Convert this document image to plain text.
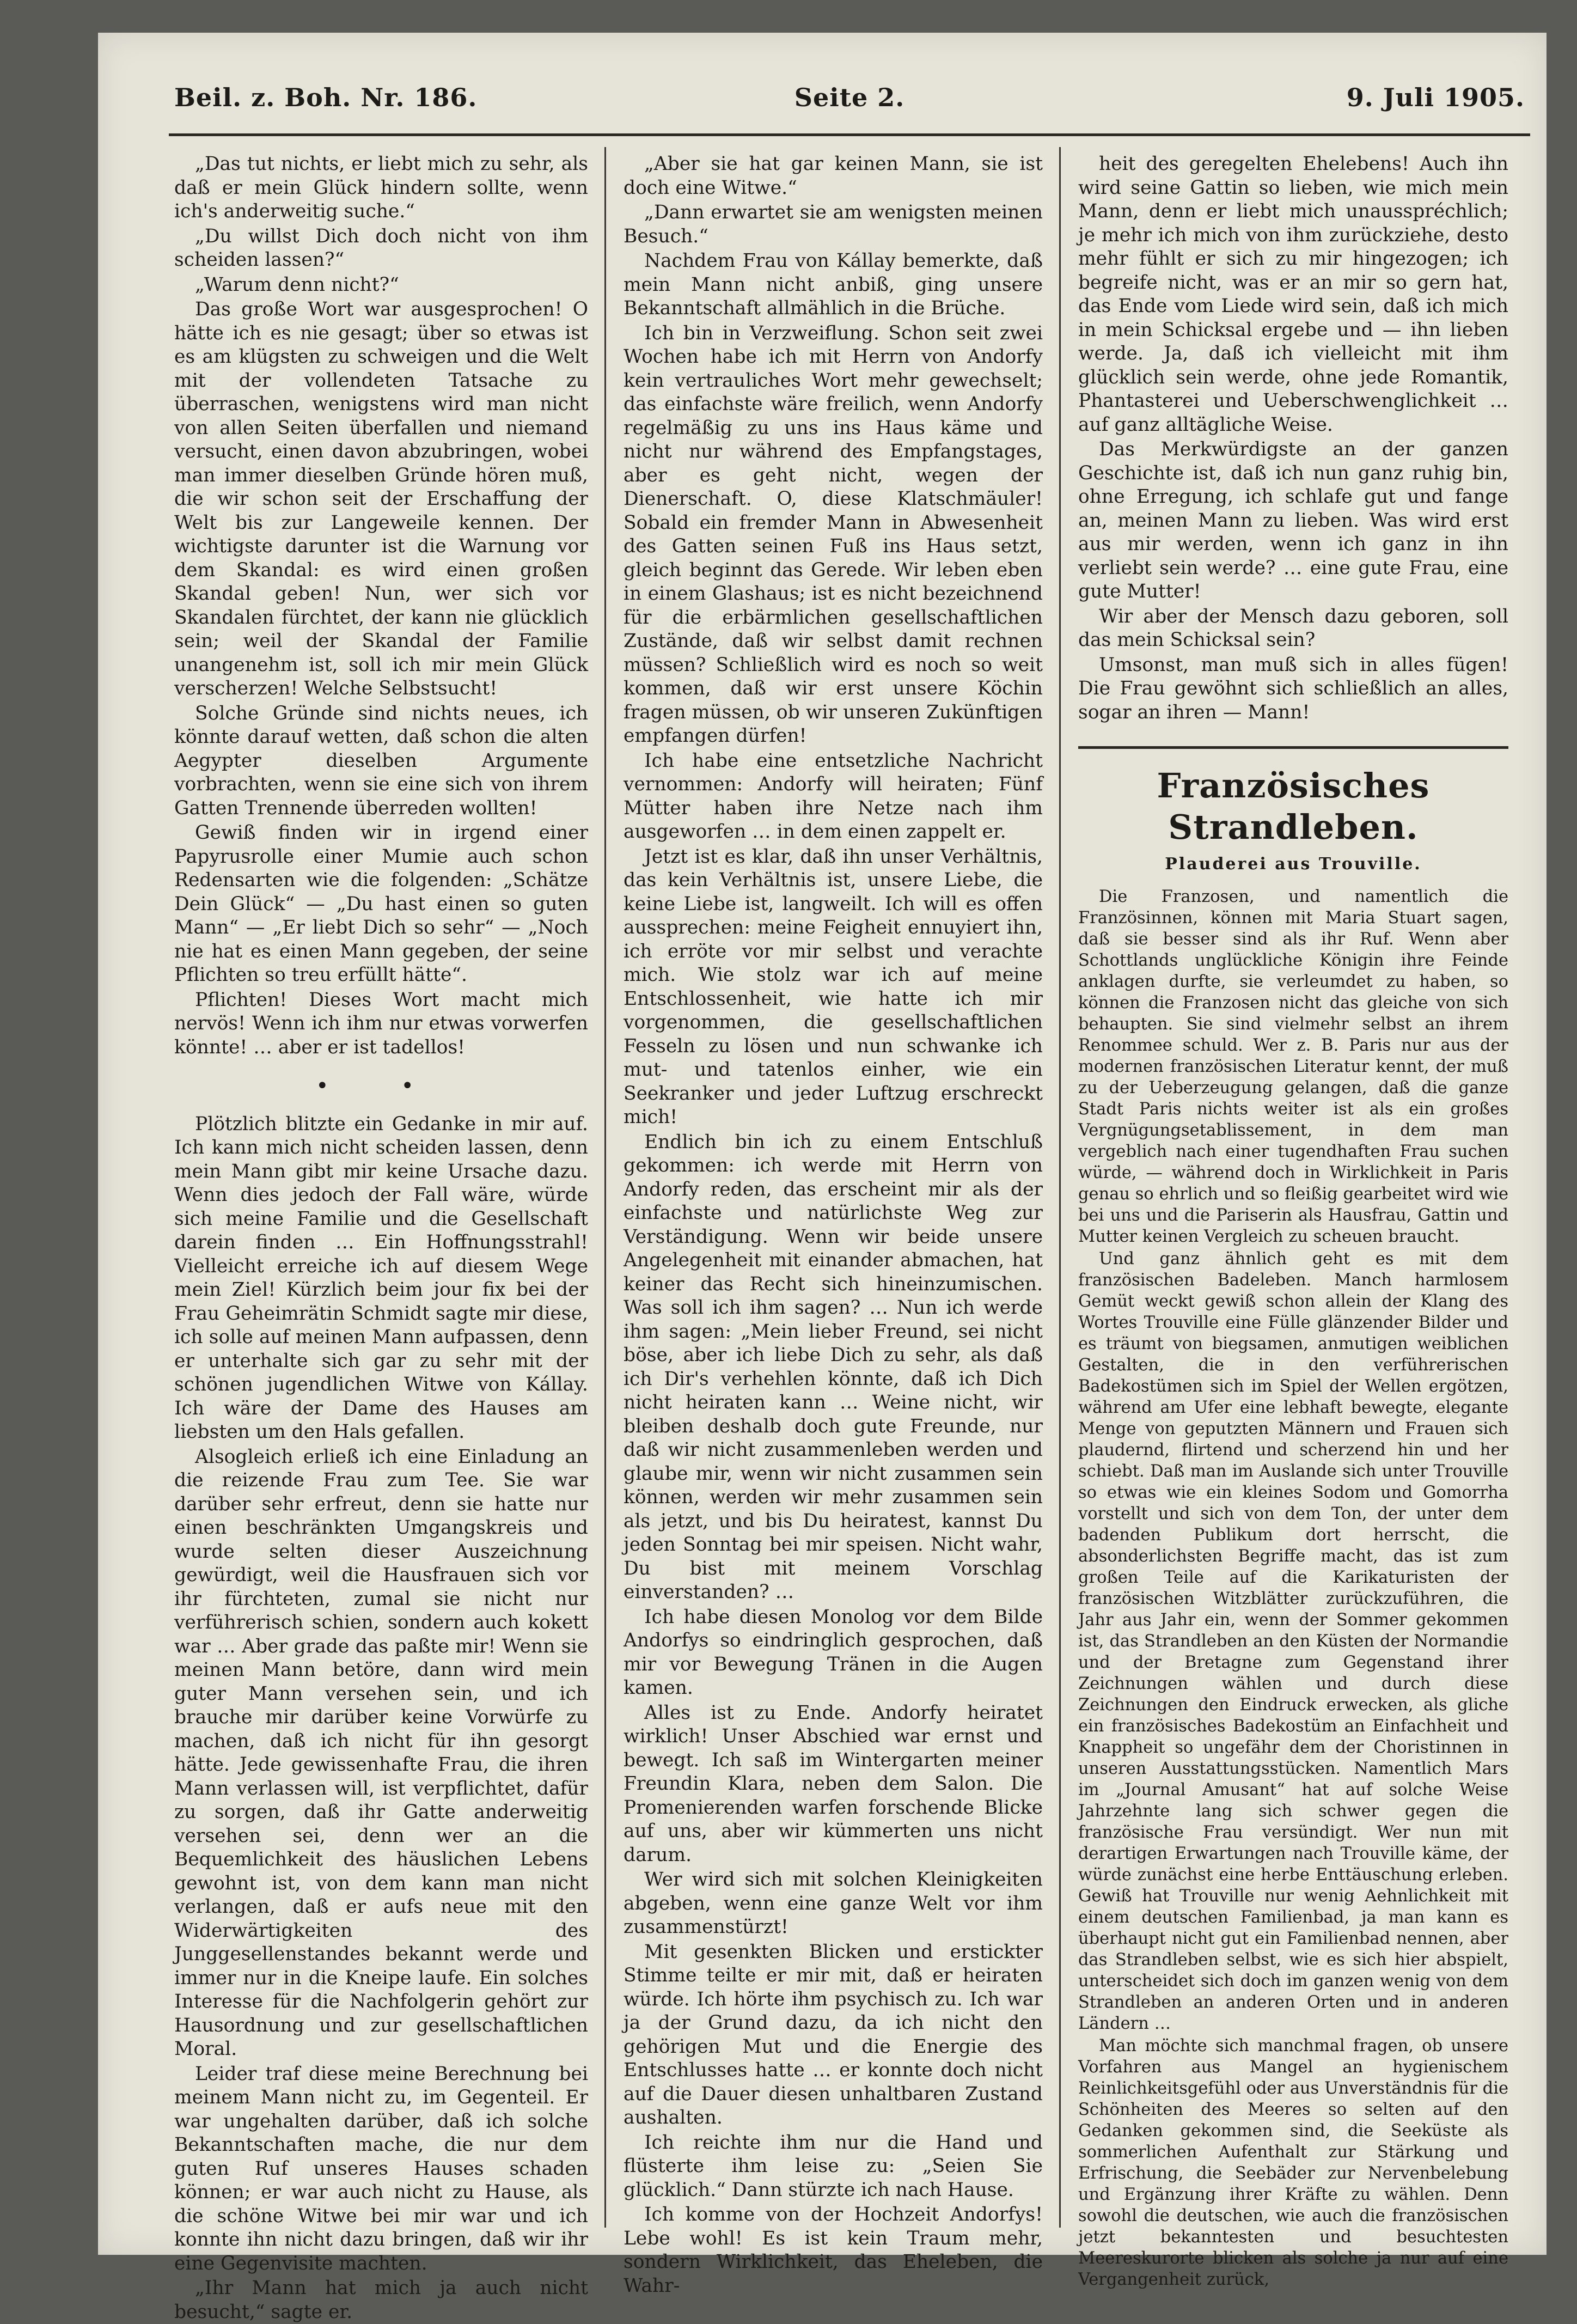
Beil. z. Boh. Nr. 186.	Seite 2.	9. Juli 1905.

„Das tut nichts, er liebt mich zu sehr, als daß er mein Glück hindern sollte, wenn ich's anderweitig suche.“

„Du willst Dich doch nicht von ihm scheiden lassen?“

„Warum denn nicht?“

Das große Wort war ausgesprochen! O hätte ich es nie gesagt; über so etwas ist es am klügsten zu schweigen und die Welt mit der vollendeten Tatsache zu überraschen, wenigstens wird man nicht von allen Seiten überfallen und niemand versucht, einen davon abzubringen, wobei man immer dieselben Gründe hören muß, die wir schon seit der Erschaffung der Welt bis zur Langeweile kennen. Der wichtigste darunter ist die Warnung vor dem Skandal: es wird einen großen Skandal geben! Nun, wer sich vor Skandalen fürchtet, der kann nie glücklich sein; weil der Skandal der Familie unangenehm ist, soll ich mir mein Glück verscherzen! Welche Selbstsucht!

Solche Gründe sind nichts neues, ich könnte darauf wetten, daß schon die alten Aegypter dieselben Argumente vorbrachten, wenn sie eine sich von ihrem Gatten Trennende überreden wollten!

Gewiß finden wir in irgend einer Papyrusrolle einer Mumie auch schon Redensarten wie die folgenden: „Schätze Dein Glück“ — „Du hast einen so guten Mann“ — „Er liebt Dich so sehr“ — „Noch nie hat es einen Mann gegeben, der seine Pflichten so treu erfüllt hätte“.

Pflichten! Dieses Wort macht mich nervös! Wenn ich ihm nur etwas vorwerfen könnte! … aber er ist tadellos!

• •

Plötzlich blitzte ein Gedanke in mir auf. Ich kann mich nicht scheiden lassen, denn mein Mann gibt mir keine Ursache dazu. Wenn dies jedoch der Fall wäre, würde sich meine Familie und die Gesellschaft darein finden … Ein Hoffnungsstrahl! Vielleicht erreiche ich auf diesem Wege mein Ziel! Kürzlich beim jour fix bei der Frau Geheimrätin Schmidt sagte mir diese, ich solle auf meinen Mann aufpassen, denn er unterhalte sich gar zu sehr mit der schönen jugendlichen Witwe von Kállay. Ich wäre der Dame des Hauses am liebsten um den Hals gefallen.

Alsogleich erließ ich eine Einladung an die reizende Frau zum Tee. Sie war darüber sehr erfreut, denn sie hatte nur einen beschränkten Umgangskreis und wurde selten dieser Auszeichnung gewürdigt, weil die Hausfrauen sich vor ihr fürchteten, zumal sie nicht nur verführerisch schien, sondern auch kokett war … Aber grade das paßte mir! Wenn sie meinen Mann betöre, dann wird mein guter Mann versehen sein, und ich brauche mir darüber keine Vorwürfe zu machen, daß ich nicht für ihn gesorgt hätte. Jede gewissenhafte Frau, die ihren Mann verlassen will, ist verpflichtet, dafür zu sorgen, daß ihr Gatte anderweitig versehen sei, denn wer an die Bequemlichkeit des häuslichen Lebens gewohnt ist, von dem kann man nicht verlangen, daß er aufs neue mit den Widerwärtigkeiten des Junggesellenstandes bekannt werde und immer nur in die Kneipe laufe. Ein solches Interesse für die Nachfolgerin gehört zur Hausordnung und zur gesellschaftlichen Moral.

Leider traf diese meine Berechnung bei meinem Mann nicht zu, im Gegenteil. Er war ungehalten darüber, daß ich solche Bekanntschaften mache, die nur dem guten Ruf unseres Hauses schaden können; er war auch nicht zu Hause, als die schöne Witwe bei mir war und ich konnte ihn nicht dazu bringen, daß wir ihr eine Gegenvisite machten.

„Ihr Mann hat mich ja auch nicht besucht,“ sagte er.

„Aber sie hat gar keinen Mann, sie ist doch eine Witwe.“

„Dann erwartet sie am wenigsten meinen Besuch.“

Nachdem Frau von Kállay bemerkte, daß mein Mann nicht anbiß, ging unsere Bekanntschaft allmählich in die Brüche.

Ich bin in Verzweiflung. Schon seit zwei Wochen habe ich mit Herrn von Andorfy kein vertrauliches Wort mehr gewechselt; das einfachste wäre freilich, wenn Andorfy regelmäßig zu uns ins Haus käme und nicht nur während des Empfangstages, aber es geht nicht, wegen der Dienerschaft. O, diese Klatschmäuler! Sobald ein fremder Mann in Abwesenheit des Gatten seinen Fuß ins Haus setzt, gleich beginnt das Gerede. Wir leben eben in einem Glashaus; ist es nicht bezeichnend für die erbärmlichen gesellschaftlichen Zustände, daß wir selbst damit rechnen müssen? Schließlich wird es noch so weit kommen, daß wir erst unsere Köchin fragen müssen, ob wir unseren Zukünftigen empfangen dürfen!

Ich habe eine entsetzliche Nachricht vernommen: Andorfy will heiraten; Fünf Mütter haben ihre Netze nach ihm ausgeworfen … in dem einen zappelt er.

Jetzt ist es klar, daß ihn unser Verhältnis, das kein Verhältnis ist, unsere Liebe, die keine Liebe ist, langweilt. Ich will es offen aussprechen: meine Feigheit ennuyiert ihn, ich erröte vor mir selbst und verachte mich. Wie stolz war ich auf meine Entschlossenheit, wie hatte ich mir vorgenommen, die gesellschaftlichen Fesseln zu lösen und nun schwanke ich mut- und tatenlos einher, wie ein Seekranker und jeder Luftzug erschreckt mich!

Endlich bin ich zu einem Entschluß gekommen: ich werde mit Herrn von Andorfy reden, das erscheint mir als der einfachste und natürlichste Weg zur Verständigung. Wenn wir beide unsere Angelegenheit mit einander abmachen, hat keiner das Recht sich hineinzumischen. Was soll ich ihm sagen? … Nun ich werde ihm sagen: „Mein lieber Freund, sei nicht böse, aber ich liebe Dich zu sehr, als daß ich Dir's verhehlen könnte, daß ich Dich nicht heiraten kann … Weine nicht, wir bleiben deshalb doch gute Freunde, nur daß wir nicht zusammenleben werden und glaube mir, wenn wir nicht zusammen sein können, werden wir mehr zusammen sein als jetzt, und bis Du heiratest, kannst Du jeden Sonntag bei mir speisen. Nicht wahr, Du bist mit meinem Vorschlag einverstanden? …

Ich habe diesen Monolog vor dem Bilde Andorfys so eindringlich gesprochen, daß mir vor Bewegung Tränen in die Augen kamen.

Alles ist zu Ende. Andorfy heiratet wirklich! Unser Abschied war ernst und bewegt. Ich saß im Wintergarten meiner Freundin Klara, neben dem Salon. Die Promenierenden warfen forschende Blicke auf uns, aber wir kümmerten uns nicht darum.

Wer wird sich mit solchen Kleinigkeiten abgeben, wenn eine ganze Welt vor ihm zusammenstürzt!

Mit gesenkten Blicken und erstickter Stimme teilte er mir mit, daß er heiraten würde. Ich hörte ihm psychisch zu. Ich war ja der Grund dazu, da ich nicht den gehörigen Mut und die Energie des Entschlusses hatte … er konnte doch nicht auf die Dauer diesen unhaltbaren Zustand aushalten.

Ich reichte ihm nur die Hand und flüsterte ihm leise zu: „Seien Sie glücklich.“ Dann stürzte ich nach Hause.

Ich komme von der Hochzeit Andorfys! Lebe wohl! Es ist kein Traum mehr, sondern Wirklichkeit, das Eheleben, die Wahr-

heit des geregelten Ehelebens! Auch ihn wird seine Gattin so lieben, wie mich mein Mann, denn er liebt mich unausspréchlich; je mehr ich mich von ihm zurückziehe, desto mehr fühlt er sich zu mir hingezogen; ich begreife nicht, was er an mir so gern hat, das Ende vom Liede wird sein, daß ich mich in mein Schicksal ergebe und — ihn lieben werde. Ja, daß ich vielleicht mit ihm glücklich sein werde, ohne jede Romantik, Phantasterei und Ueberschwenglichkeit … auf ganz alltägliche Weise.

Das Merkwürdigste an der ganzen Geschichte ist, daß ich nun ganz ruhig bin, ohne Erregung, ich schlafe gut und fange an, meinen Mann zu lieben. Was wird erst aus mir werden, wenn ich ganz in ihn verliebt sein werde? … eine gute Frau, eine gute Mutter!

Wir aber der Mensch dazu geboren, soll das mein Schicksal sein?

Umsonst, man muß sich in alles fügen! Die Frau gewöhnt sich schließlich an alles, sogar an ihren — Mann!

Französisches Strandleben.
Plauderei aus Trouville.

Die Franzosen, und namentlich die Französinnen, können mit Maria Stuart sagen, daß sie besser sind als ihr Ruf. Wenn aber Schottlands unglückliche Königin ihre Feinde anklagen durfte, sie verleumdet zu haben, so können die Franzosen nicht das gleiche von sich behaupten. Sie sind vielmehr selbst an ihrem Renommee schuld. Wer z. B. Paris nur aus der modernen französischen Literatur kennt, der muß zu der Ueberzeugung gelangen, daß die ganze Stadt Paris nichts weiter ist als ein großes Vergnügungsetablissement, in dem man vergeblich nach einer tugendhaften Frau suchen würde, — während doch in Wirklichkeit in Paris genau so ehrlich und so fleißig gearbeitet wird wie bei uns und die Pariserin als Hausfrau, Gattin und Mutter keinen Vergleich zu scheuen braucht.

Und ganz ähnlich geht es mit dem französischen Badeleben. Manch harmlosem Gemüt weckt gewiß schon allein der Klang des Wortes Trouville eine Fülle glänzender Bilder und es träumt von biegsamen, anmutigen weiblichen Gestalten, die in den verführerischen Badekostümen sich im Spiel der Wellen ergötzen, während am Ufer eine lebhaft bewegte, elegante Menge von geputzten Männern und Frauen sich plaudernd, flirtend und scherzend hin und her schiebt. Daß man im Auslande sich unter Trouville so etwas wie ein kleines Sodom und Gomorrha vorstellt und sich von dem Ton, der unter dem badenden Publikum dort herrscht, die absonderlichsten Begriffe macht, das ist zum großen Teile auf die Karikaturisten der französischen Witzblätter zurückzuführen, die Jahr aus Jahr ein, wenn der Sommer gekommen ist, das Strandleben an den Küsten der Normandie und der Bretagne zum Gegenstand ihrer Zeichnungen wählen und durch diese Zeichnungen den Eindruck erwecken, als gliche ein französisches Badekostüm an Einfachheit und Knappheit so ungefähr dem der Choristinnen in unseren Ausstattungsstücken. Namentlich Mars im „Journal Amusant“ hat auf solche Weise Jahrzehnte lang sich schwer gegen die französische Frau versündigt. Wer nun mit derartigen Erwartungen nach Trouville käme, der würde zunächst eine herbe Enttäuschung erleben. Gewiß hat Trouville nur wenig Aehnlichkeit mit einem deutschen Familienbad, ja man kann es überhaupt nicht gut ein Familienbad nennen, aber das Strandleben selbst, wie es sich hier abspielt, unterscheidet sich doch im ganzen wenig von dem Strandleben an anderen Orten und in anderen Ländern …

Man möchte sich manchmal fragen, ob unsere Vorfahren aus Mangel an hygienischem Reinlichkeitsgefühl oder aus Unverständnis für die Schönheiten des Meeres so selten auf den Gedanken gekommen sind, die Seeküste als sommerlichen Aufenthalt zur Stärkung und Erfrischung, die Seebäder zur Nervenbelebung und Ergänzung ihrer Kräfte zu wählen. Denn sowohl die deutschen, wie auch die französischen jetzt bekanntesten und besuchtesten Meereskurorte blicken als solche ja nur auf eine Vergangenheit zurück,
